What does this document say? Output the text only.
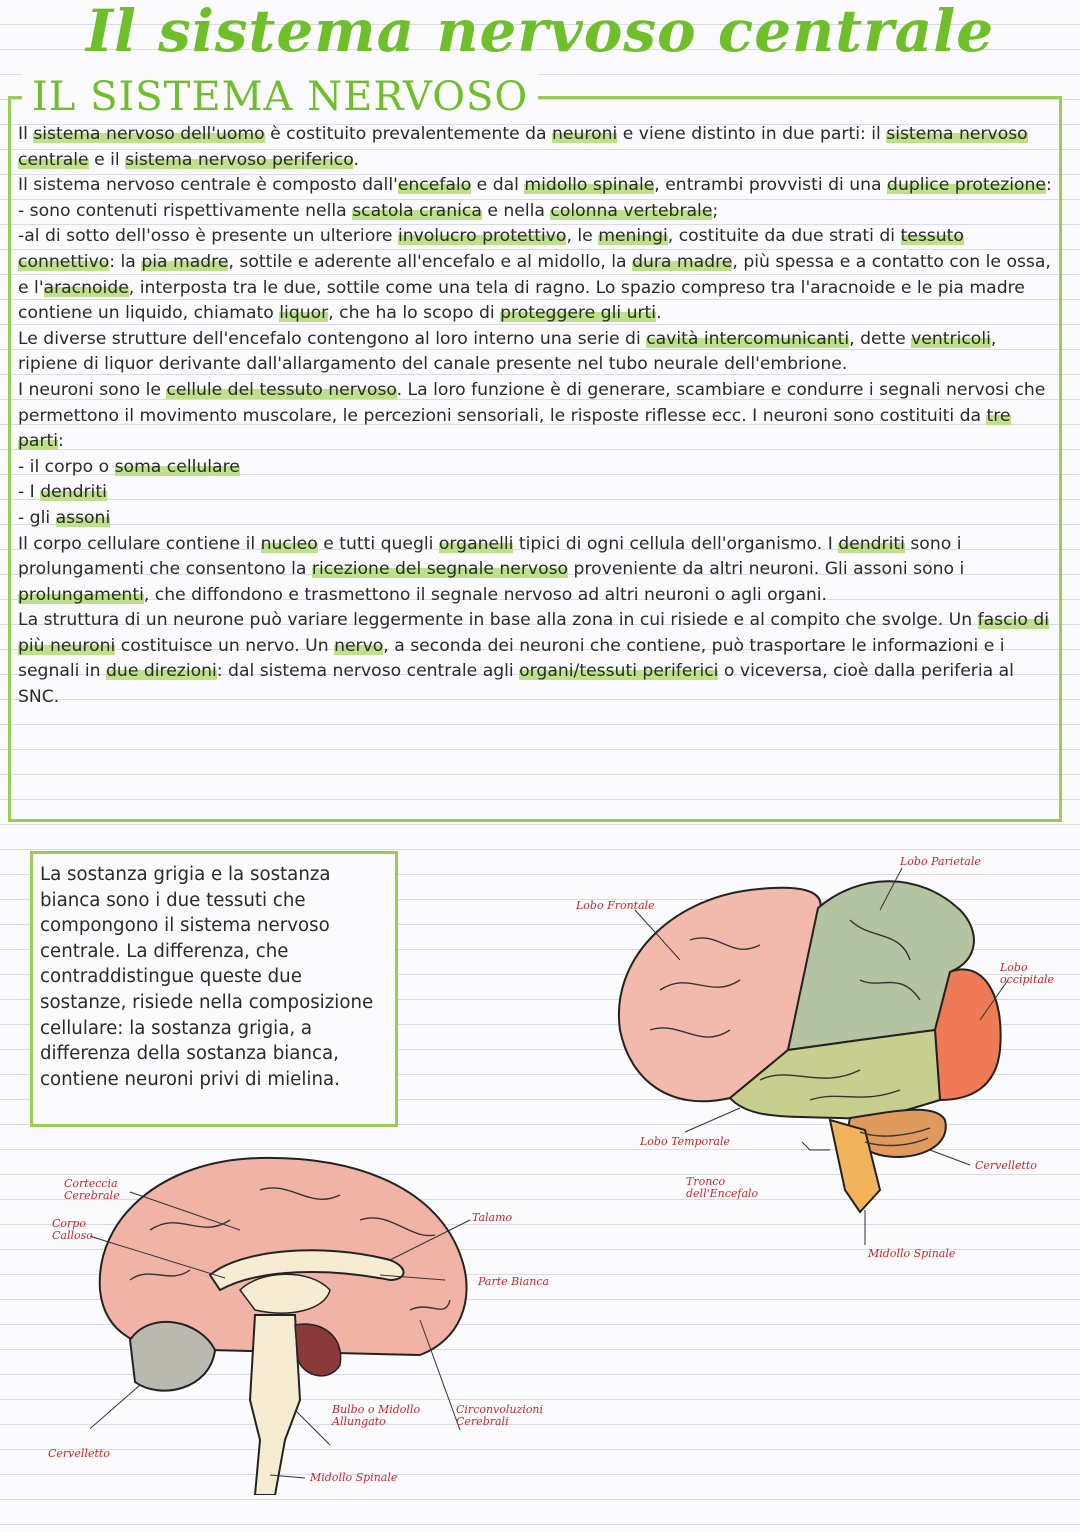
Il sistema nervoso centrale
IL SISTEMA NERVOSO

Il sistema nervoso dell'uomo è costituito prevalentemente da neuroni e viene distinto in due parti: il sistema nervoso centrale e il sistema nervoso periferico.

Il sistema nervoso centrale è composto dall'encefalo e dal midollo spinale, entrambi provvisti di una duplice protezione:

- sono contenuti rispettivamente nella scatola cranica e nella colonna vertebrale;

-al di sotto dell'osso è presente un ulteriore involucro protettivo, le meningi, costituite da due strati di tessuto connettivo: la pia madre, sottile e aderente all'encefalo e al midollo, la dura madre, più spessa e a contatto con le ossa, e l'aracnoide, interposta tra le due, sottile come una tela di ragno. Lo spazio compreso tra l'aracnoide e le pia madre contiene un liquido, chiamato liquor, che ha lo scopo di proteggere gli urti.

Le diverse strutture dell'encefalo contengono al loro interno una serie di cavità intercomunicanti, dette ventricoli, ripiene di liquor derivante dall'allargamento del canale presente nel tubo neurale dell'embrione.

I neuroni sono le cellule del tessuto nervoso. La loro funzione è di generare, scambiare e condurre i segnali nervosi che permettono il movimento muscolare, le percezioni sensoriali, le risposte riflesse ecc. I neuroni sono costituiti da tre parti:

- il corpo o soma cellulare

- I dendriti

- gli assoni

Il corpo cellulare contiene il nucleo e tutti quegli organelli tipici di ogni cellula dell'organismo. I dendriti sono i prolungamenti che consentono la ricezione del segnale nervoso proveniente da altri neuroni. Gli assoni sono i prolungamenti, che diffondono e trasmettono il segnale nervoso ad altri neuroni o agli organi.

La struttura di un neurone può variare leggermente in base alla zona in cui risiede e al compito che svolge. Un fascio di più neuroni costituisce un nervo. Un nervo, a seconda dei neuroni che contiene, può trasportare le informazioni e i segnali in due direzioni: dal sistema nervoso centrale agli organi/tessuti periferici o viceversa, cioè dalla periferia al SNC.

La sostanza grigia e la sostanza bianca sono i due tessuti che compongono il sistema nervoso centrale. La differenza, che contraddistingue queste due sostanze, risiede nella composizione cellulare: la sostanza grigia, a differenza della sostanza bianca, contiene neuroni privi di mielina.
Lobo Frontale
Lobo Parietale
Lobo occipitale
Lobo Temporale
Cervelletto
Tronco dell'Encefalo
Midollo Spinale
Corteccia Cerebrale
Corpo Calloso
Talamo
Parte Bianca
Circonvoluzioni Cerebrali
Bulbo o Midollo Allungato
Midollo Spinale
Cervelletto
